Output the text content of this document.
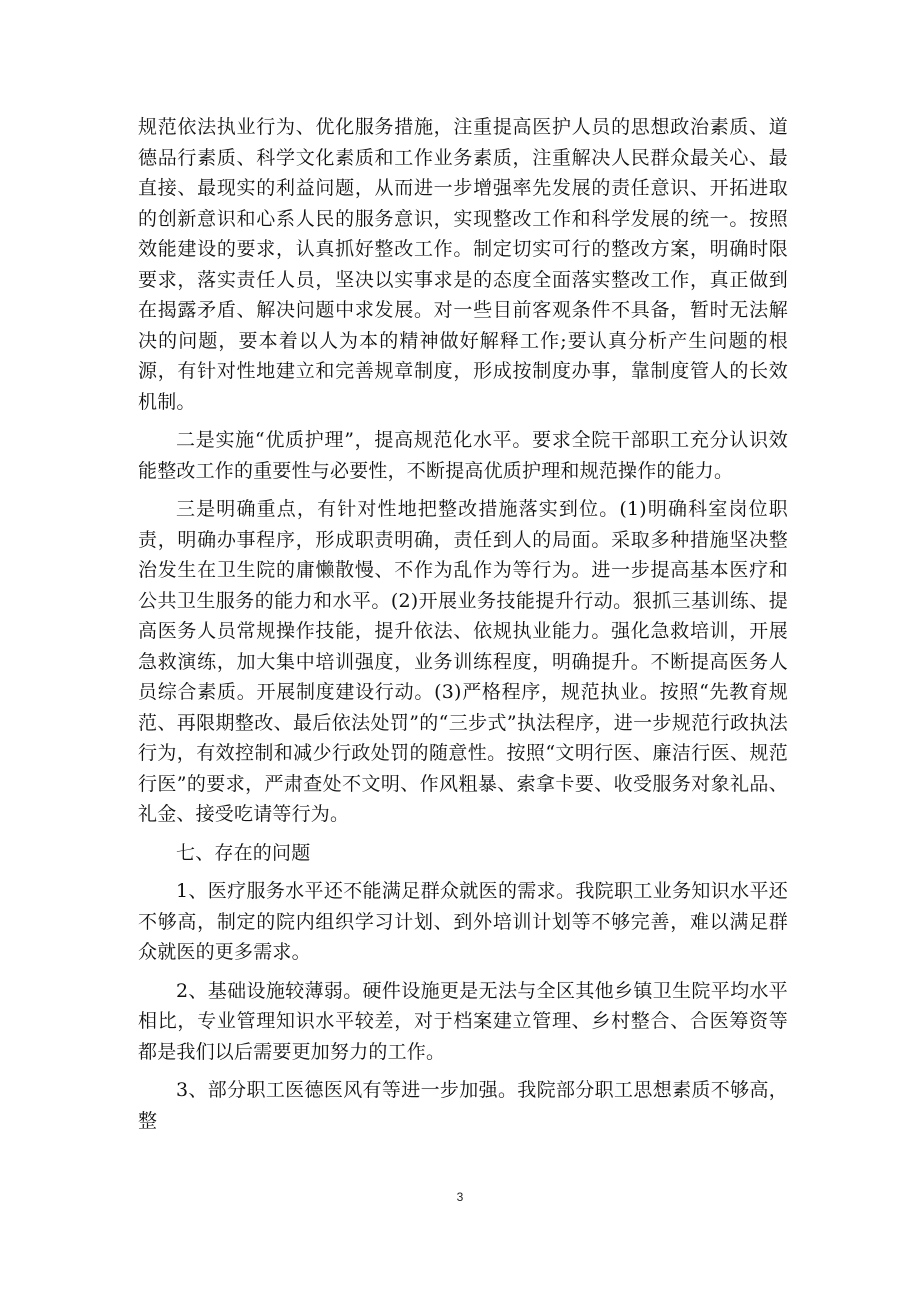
规范依法执业行为、优化服务措施，注重提高医护人员的思想政治素质、道德品行素质、科学文化素质和工作业务素质，注重解决人民群众最关心、最直接、最现实的利益问题，从而进一步增强率先发展的责任意识、开拓进取的创新意识和心系人民的服务意识，实现整改工作和科学发展的统一。按照效能建设的要求，认真抓好整改工作。制定切实可行的整改方案，明确时限要求，落实责任人员，坚决以实事求是的态度全面落实整改工作，真正做到在揭露矛盾、解决问题中求发展。对一些目前客观条件不具备，暂时无法解决的问题，要本着以人为本的精神做好解释工作;要认真分析产生问题的根源，有针对性地建立和完善规章制度，形成按制度办事，靠制度管人的长效机制。

二是实施“优质护理”，提高规范化水平。要求全院干部职工充分认识效能整改工作的重要性与必要性，不断提高优质护理和规范操作的能力。

三是明确重点，有针对性地把整改措施落实到位。(1)明确科室岗位职责，明确办事程序，形成职责明确，责任到人的局面。采取多种措施坚决整治发生在卫生院的庸懒散慢、不作为乱作为等行为。进一步提高基本医疗和公共卫生服务的能力和水平。(2)开展业务技能提升行动。狠抓三基训练、提高医务人员常规操作技能，提升依法、依规执业能力。强化急救培训，开展急救演练，加大集中培训强度，业务训练程度，明确提升。不断提高医务人员综合素质。开展制度建设行动。(3)严格程序，规范执业。按照“先教育规范、再限期整改、最后依法处罚”的“三步式”执法程序，进一步规范行政执法行为，有效控制和减少行政处罚的随意性。按照“文明行医、廉洁行医、规范行医”的要求，严肃查处不文明、作风粗暴、索拿卡要、收受服务对象礼品、礼金、接受吃请等行为。

七、存在的问题

1、医疗服务水平还不能满足群众就医的需求。我院职工业务知识水平还不够高，制定的院内组织学习计划、到外培训计划等不够完善，难以满足群众就医的更多需求。

2、基础设施较薄弱。硬件设施更是无法与全区其他乡镇卫生院平均水平相比，专业管理知识水平较差，对于档案建立管理、乡村整合、合医筹资等都是我们以后需要更加努力的工作。

3、部分职工医德医风有等进一步加强。我院部分职工思想素质不够高，整

3
